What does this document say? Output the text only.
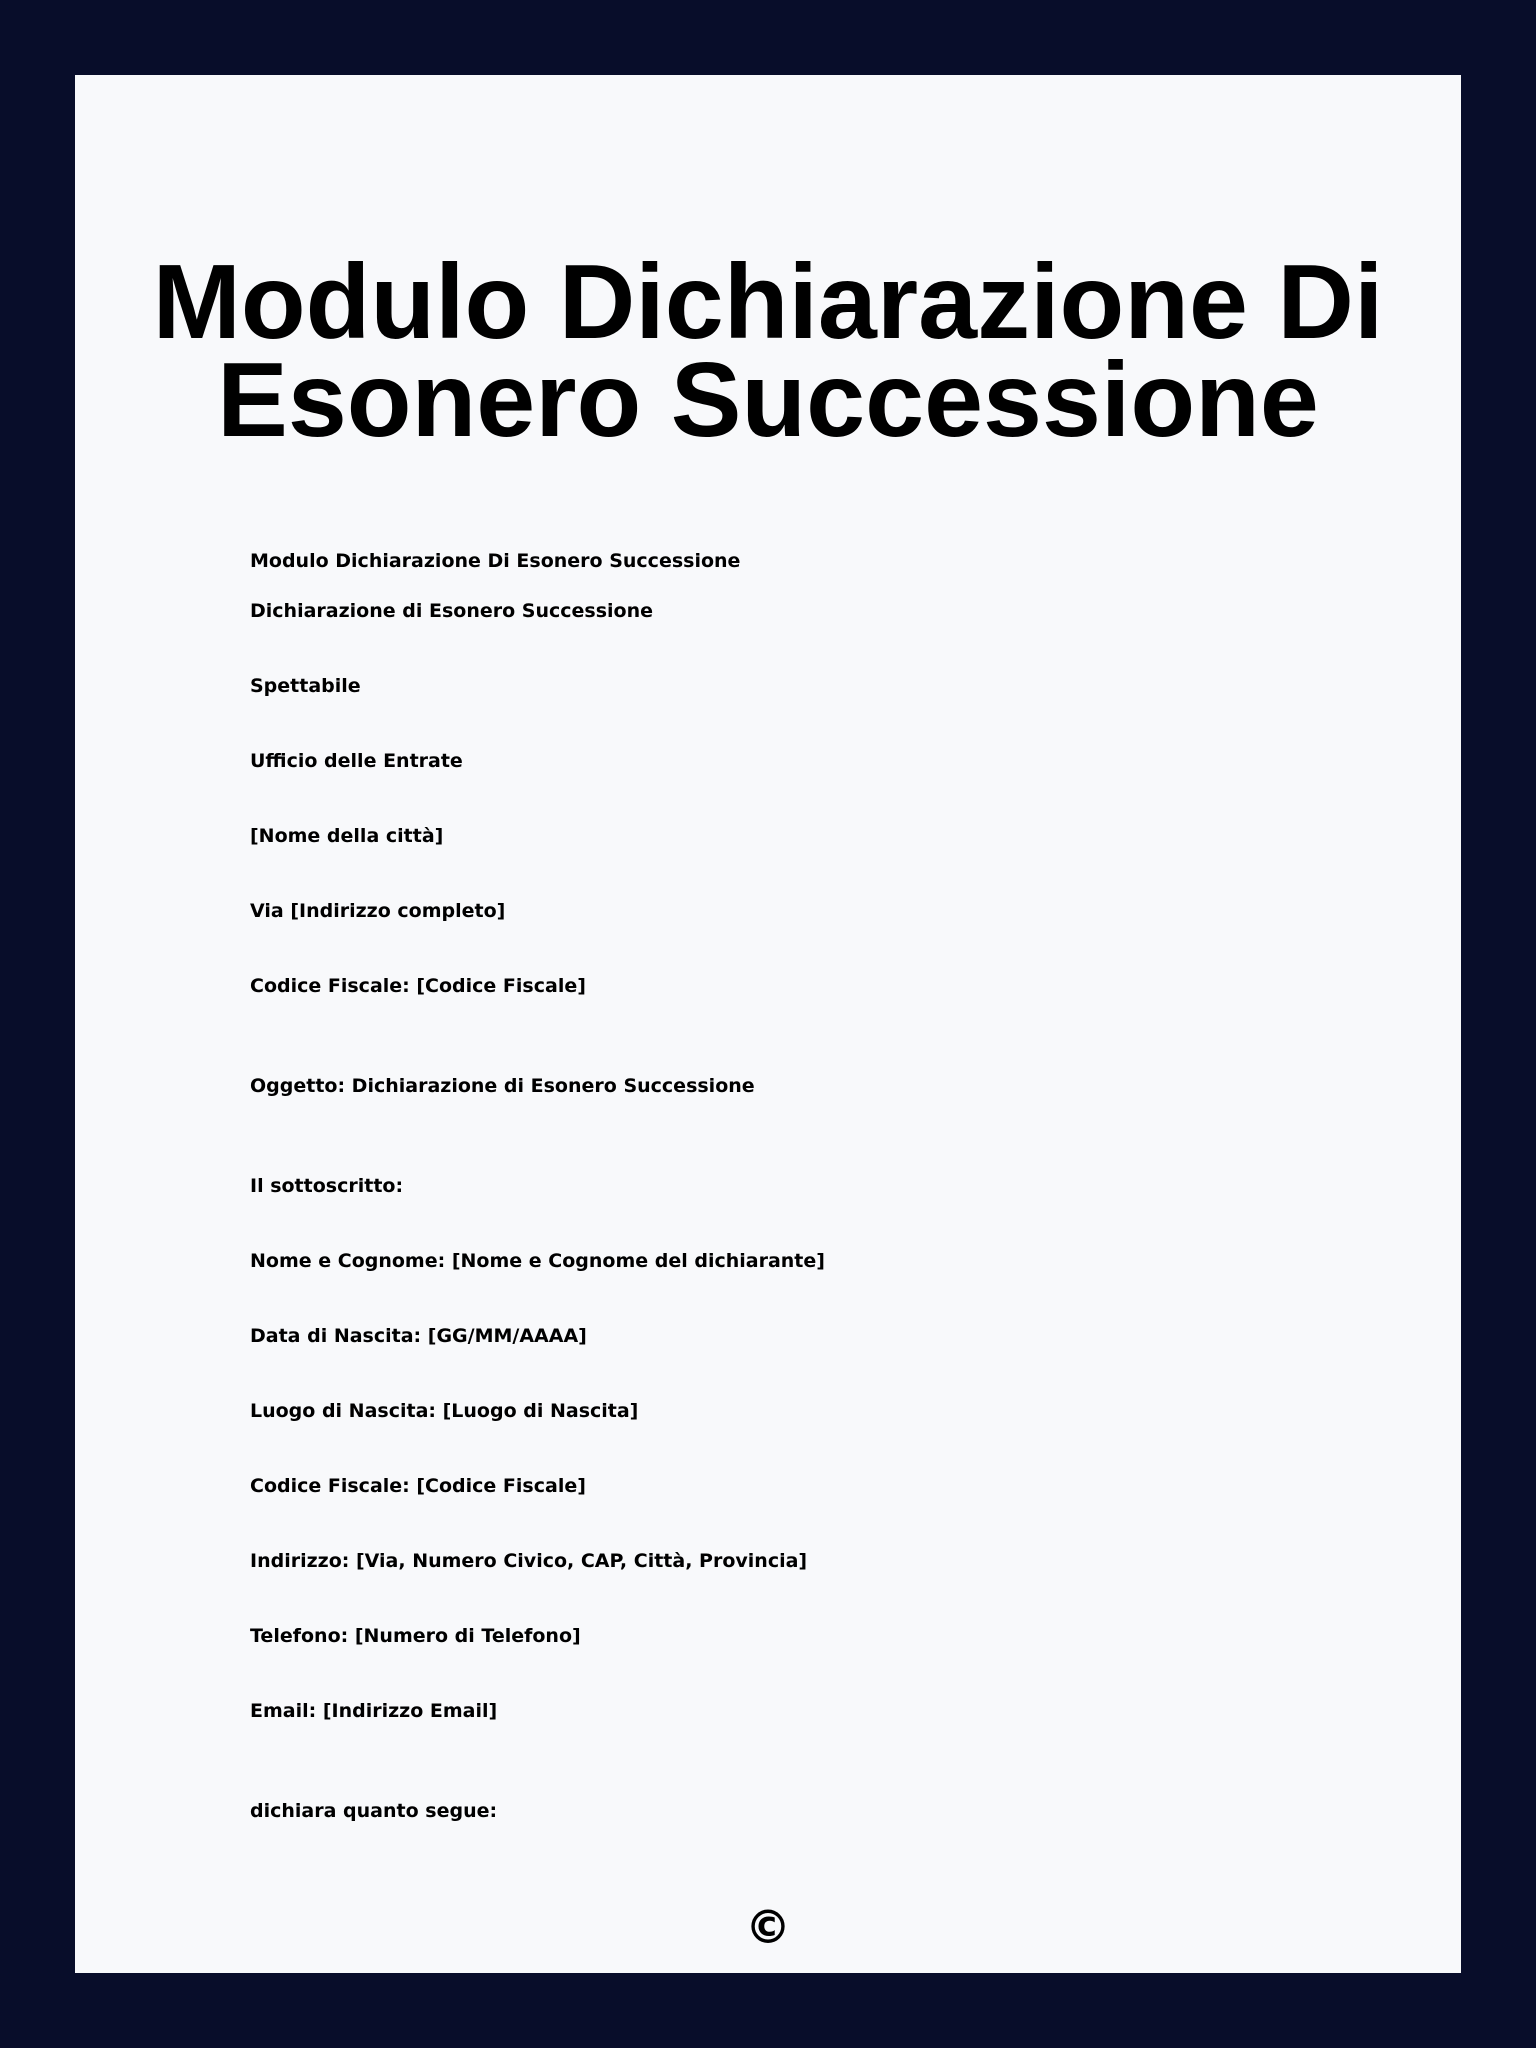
Modulo Dichiarazione Di Esonero Successione

Modulo Dichiarazione Di Esonero Successione

Dichiarazione di Esonero Successione

Spettabile

Ufficio delle Entrate

[Nome della città]

Via [Indirizzo completo]

Codice Fiscale: [Codice Fiscale]

Oggetto: Dichiarazione di Esonero Successione

Il sottoscritto:

Nome e Cognome: [Nome e Cognome del dichiarante]

Data di Nascita: [GG/MM/AAAA]

Luogo di Nascita: [Luogo di Nascita]

Codice Fiscale: [Codice Fiscale]

Indirizzo: [Via, Numero Civico, CAP, Città, Provincia]

Telefono: [Numero di Telefono]

Email: [Indirizzo Email]

dichiara quanto segue:

©
